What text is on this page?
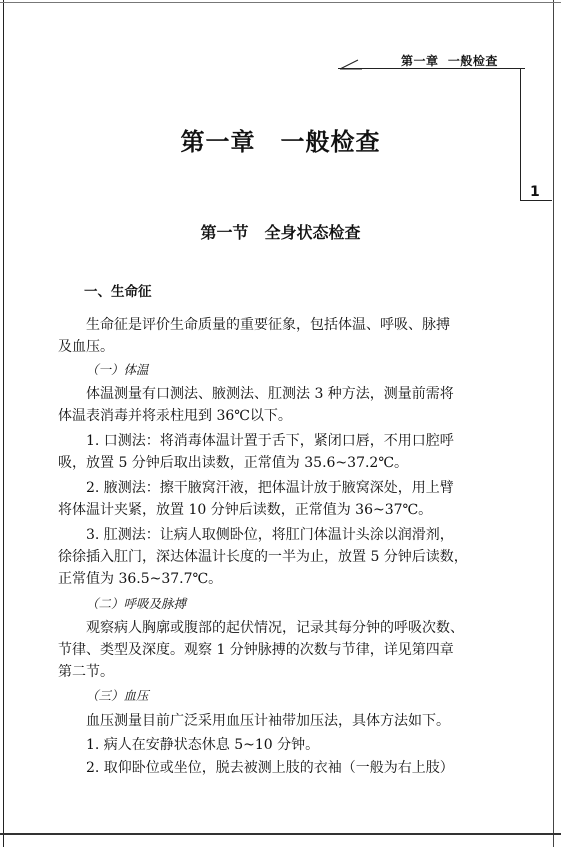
第一章 一般检查
1
第一章　一般检查
第一节　全身状态检查
一、生命征
生命征是评价生命质量的重要征象，包括体温、呼吸、脉搏
及血压。
（一）体温
体温测量有口测法、腋测法、肛测法 3 种方法，测量前需将
体温表消毒并将汞柱甩到 36℃以下。
1. 口测法：将消毒体温计置于舌下，紧闭口唇，不用口腔呼
吸，放置 5 分钟后取出读数，正常值为 35.6~37.2℃。
2. 腋测法：擦干腋窝汗液，把体温计放于腋窝深处，用上臂
将体温计夹紧，放置 10 分钟后读数，正常值为 36~37℃。
3. 肛测法：让病人取侧卧位，将肛门体温计头涂以润滑剂，
徐徐插入肛门，深达体温计长度的一半为止，放置 5 分钟后读数，
正常值为 36.5~37.7℃。
（二）呼吸及脉搏
观察病人胸廓或腹部的起伏情况，记录其每分钟的呼吸次数、
节律、类型及深度。观察 1 分钟脉搏的次数与节律，详见第四章
第二节。
（三）血压
血压测量目前广泛采用血压计袖带加压法，具体方法如下。
1. 病人在安静状态休息 5~10 分钟。
2. 取仰卧位或坐位，脱去被测上肢的衣袖（一般为右上肢）
